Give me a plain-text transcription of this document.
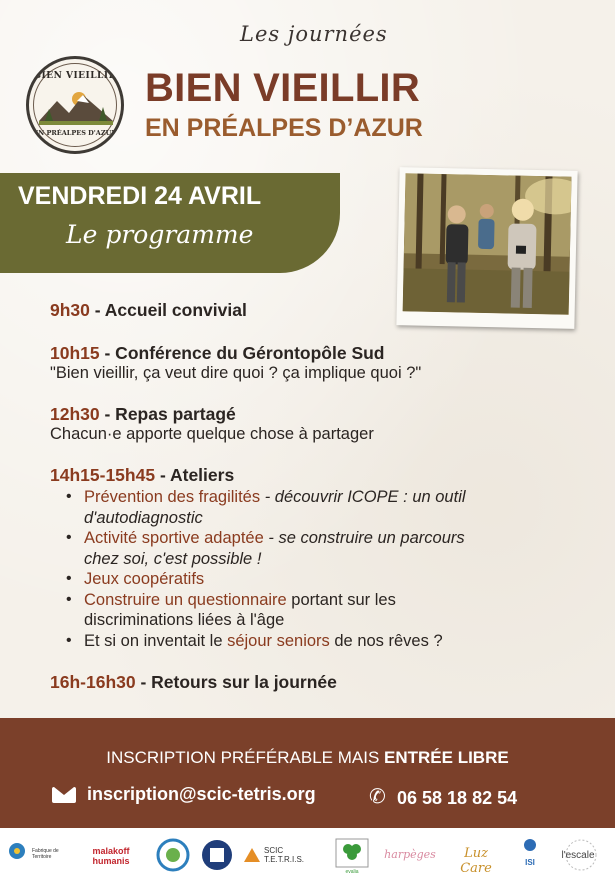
BIEN VIEILLIR
EN PRÉALPES D'AZUR
Les journées
BIEN VIEILLIR
EN PRÉALPES D’AZUR
VENDREDI 24 AVRIL
Le programme
9h30 - Accueil convivial
10h15 - Conférence du Gérontopôle Sud
"Bien vieillir, ça veut dire quoi ? ça implique quoi ?"
12h30 - Repas partagé
Chacun·e apporte quelque chose à partager
14h15-15h45 - Ateliers
• Prévention des fragilités - découvrir ICOPE : un outil
d'autodiagnostic
• Activité sportive adaptée - se construire un parcours
chez soi, c'est possible !
• Jeux coopératifs
• Construire un questionnaire portant sur les
discriminations liées à l'âge
• Et si on inventait le séjour seniors de nos rêves ?
16h-16h30 - Retours sur la journée
INSCRIPTION PRÉFÉRABLE MAIS ENTRÉE LIBRE
inscription@scic-tetris.org	✆ 06 58 18 82 54
Fabrique de Territoire
malakoff humanis
SCIC T.E.T.R.I.S.
evalia
harpèges	Luz Care	ISI
l'escale
